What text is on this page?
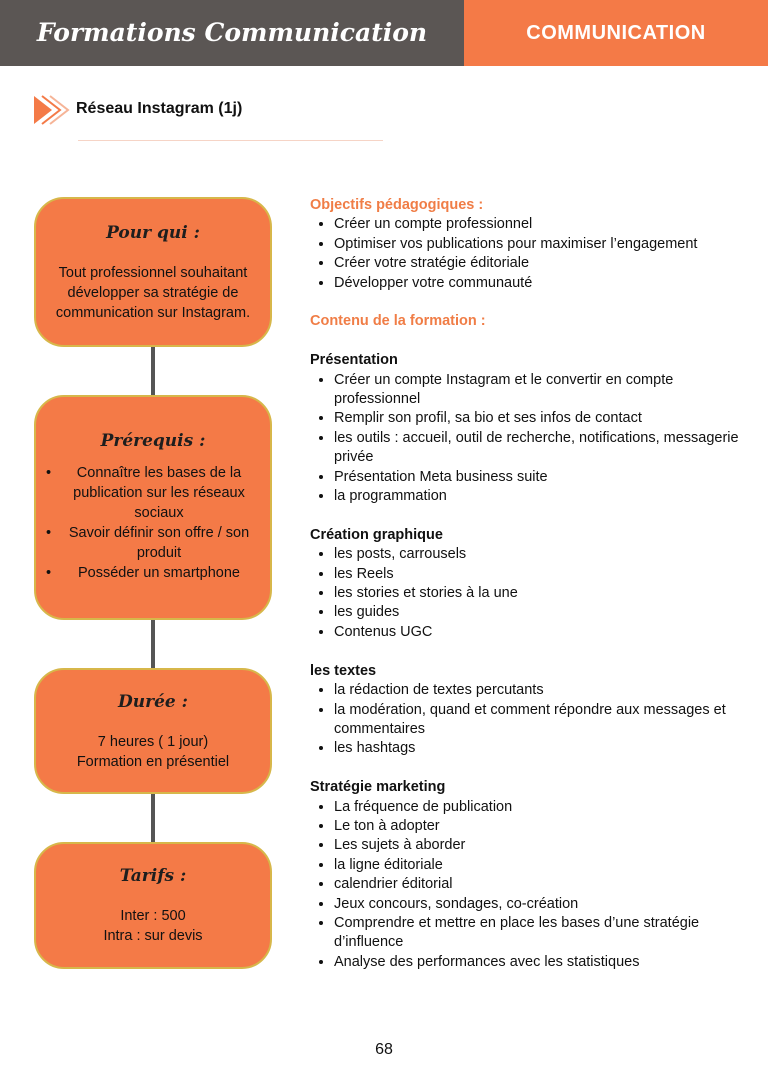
Formations Communication	COMMUNICATION
Réseau Instagram (1j)
Pour qui :
Tout professionnel souhaitant développer sa stratégie de communication sur Instagram.
Prérequis :
• Connaître les bases de la publication sur les réseaux sociaux
• Savoir définir son offre / son produit
• Posséder un smartphone
Durée :
7 heures ( 1 jour)
Formation en présentiel
Tarifs :
Inter : 500
Intra : sur devis
Objectifs pédagogiques :
• Créer un compte professionnel
• Optimiser vos publications pour maximiser l’engagement
• Créer votre stratégie éditoriale
• Développer votre communauté
Contenu de la formation :
Présentation
• Créer un compte Instagram et le convertir en compte professionnel
• Remplir son profil, sa bio et ses infos de contact
• les outils : accueil, outil de recherche, notifications, messagerie privée
• Présentation Meta business suite
• la programmation
Création graphique
• les posts, carrousels
• les Reels
• les stories et stories à la une
• les guides
• Contenus UGC
les textes
• la rédaction de textes percutants
• la modération, quand et comment répondre aux messages et commentaires
• les hashtags
Stratégie marketing
• La fréquence de publication
• Le ton à adopter
• Les sujets à aborder
• la ligne éditoriale
• calendrier éditorial
• Jeux concours, sondages, co-création
• Comprendre et mettre en place les bases d’une stratégie d’influence
• Analyse des performances avec les statistiques
68
